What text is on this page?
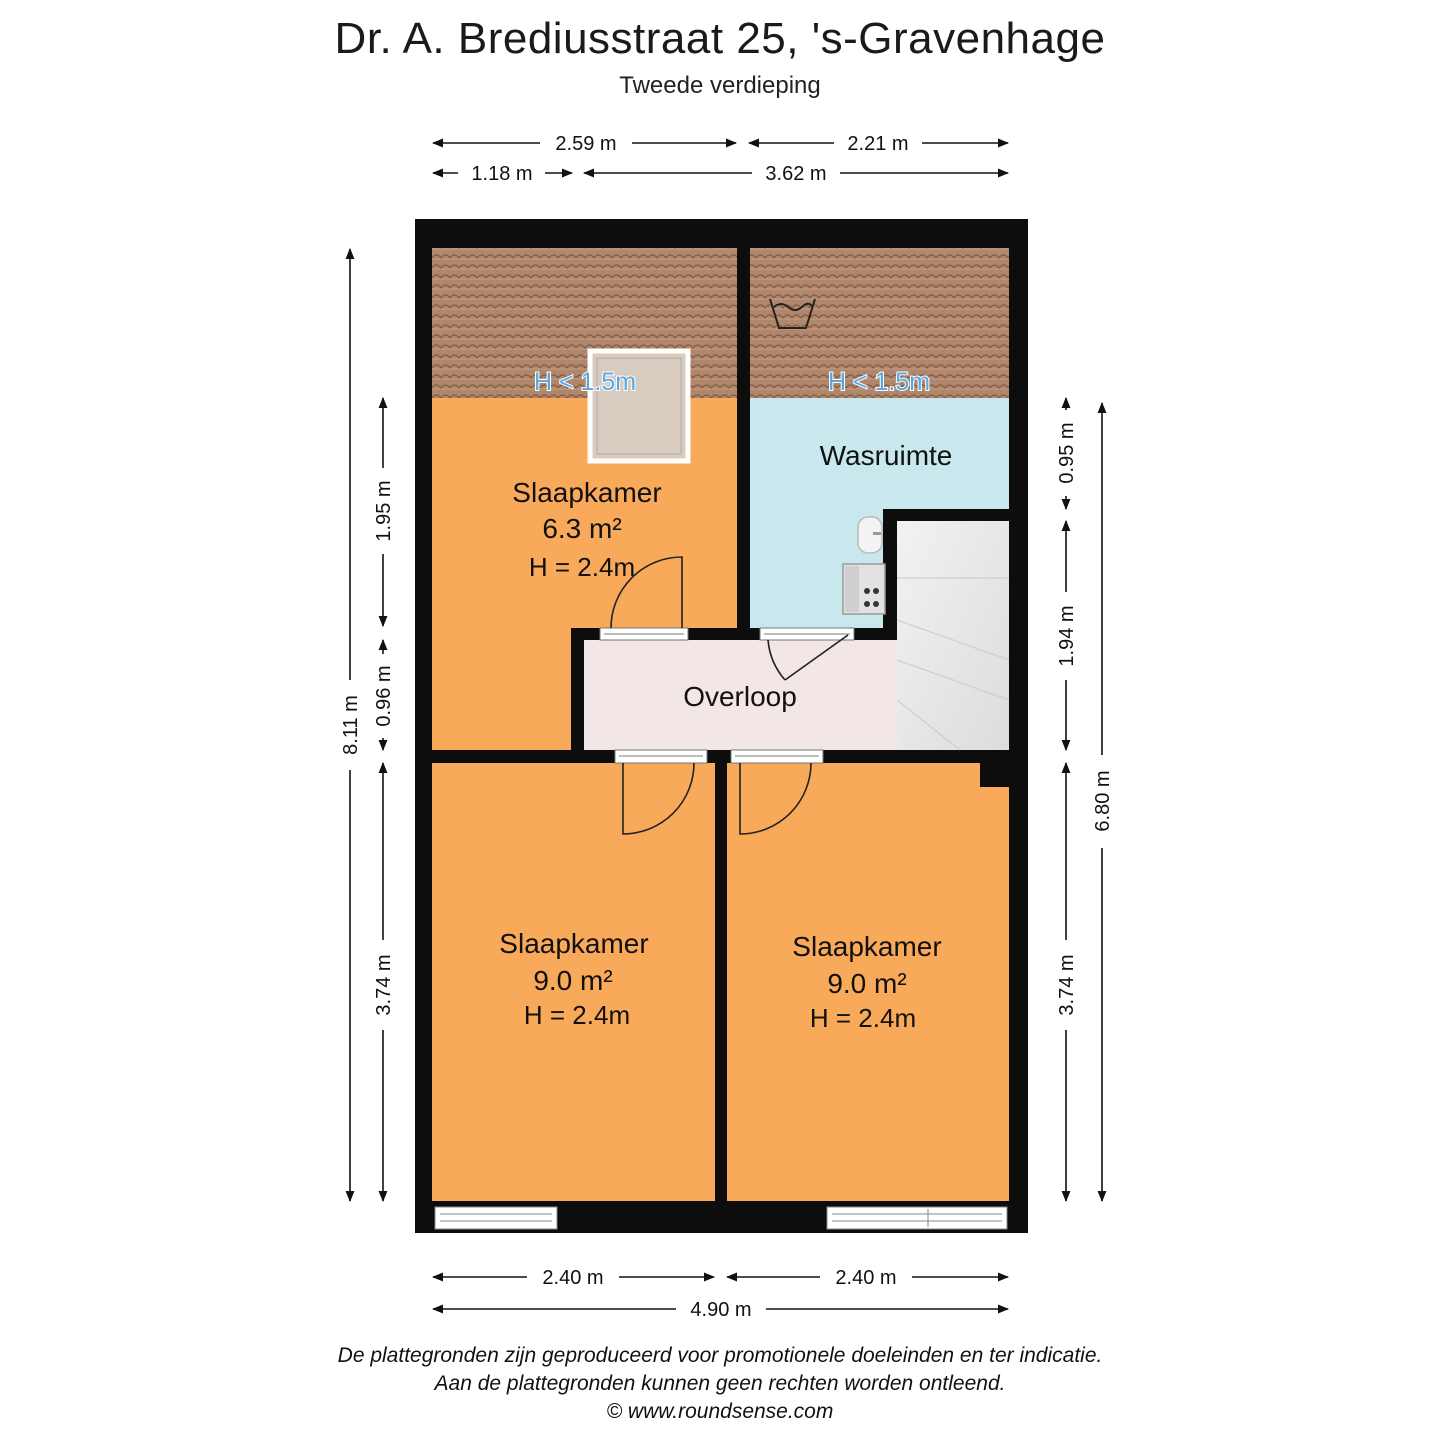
Dr. A. Brediusstraat 25, 's-Gravenhage
Tweede verdieping
H < 1.5m	H < 1.5m
Slaapkamer
6.3 m²
H = 2.4m
Wasruimte
Overloop
Slaapkamer
9.0 m²
H = 2.4m
Slaapkamer
9.0 m²
H = 2.4m
2.59 m	2.21 m
1.18 m	3.62 m
2.40 m	2.40 m
4.90 m
8.11 m
1.95 m
0.96 m
3.74 m
0.95 m
1.94 m
3.74 m
6.80 m
De plattegronden zijn geproduceerd voor promotionele doeleinden en ter indicatie.
Aan de plattegronden kunnen geen rechten worden ontleend.
© www.roundsense.com
